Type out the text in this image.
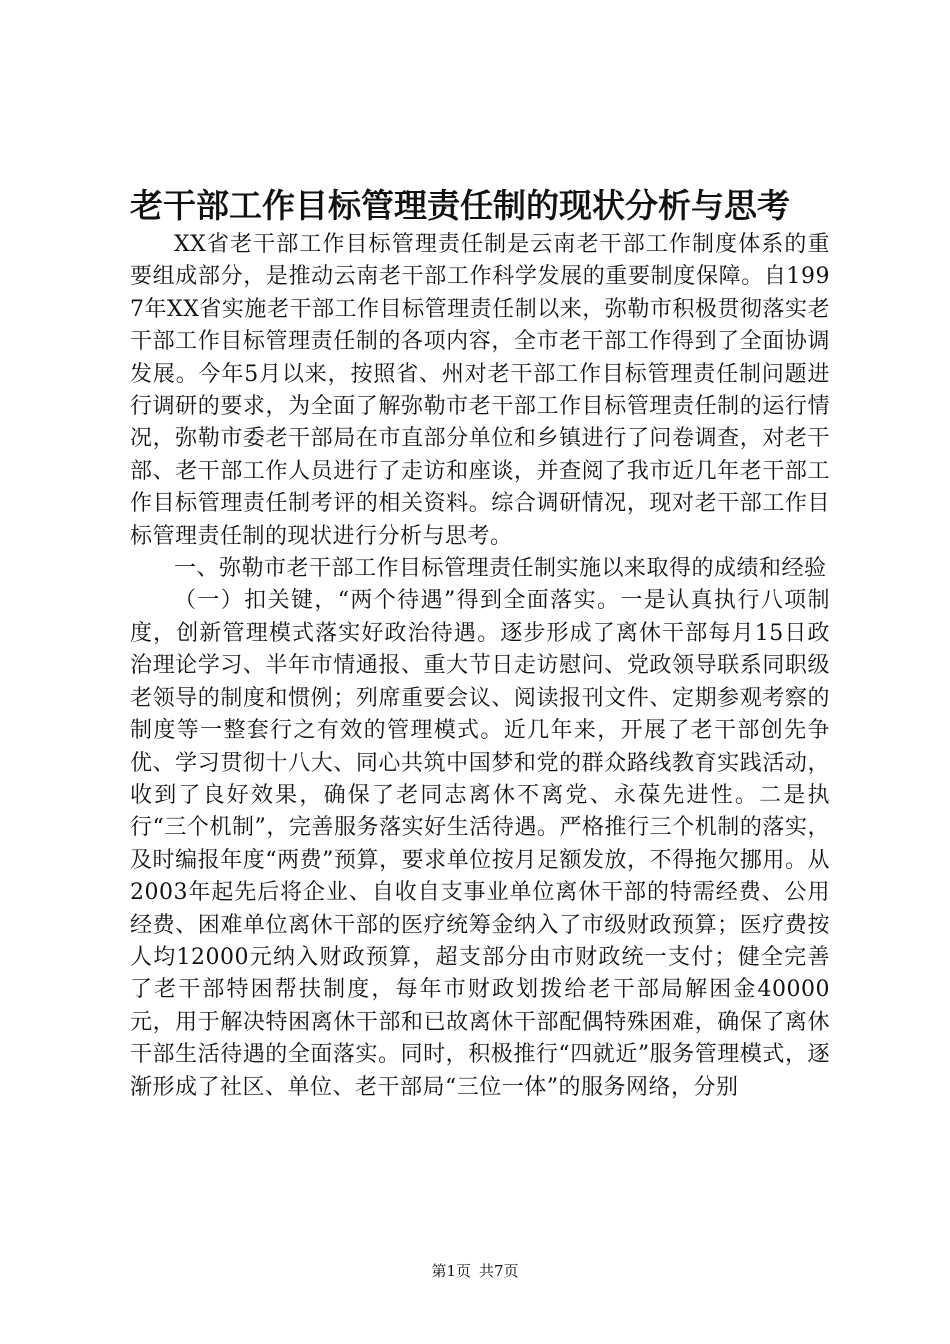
老干部工作目标管理责任制的现状分析与思考

XX省老干部工作目标管理责任制是云南老干部工作制度体系的重要组成部分，是推动云南老干部工作科学发展的重要制度保障。自1997年XX省实施老干部工作目标管理责任制以来，弥勒市积极贯彻落实老干部工作目标管理责任制的各项内容，全市老干部工作得到了全面协调发展。今年5月以来，按照省、州对老干部工作目标管理责任制问题进行调研的要求，为全面了解弥勒市老干部工作目标管理责任制的运行情况，弥勒市委老干部局在市直部分单位和乡镇进行了问卷调查，对老干部、老干部工作人员进行了走访和座谈，并查阅了我市近几年老干部工作目标管理责任制考评的相关资料。综合调研情况，现对老干部工作目标管理责任制的现状进行分析与思考。

一、弥勒市老干部工作目标管理责任制实施以来取得的成绩和经验

（一）扣关键，“两个待遇”得到全面落实。一是认真执行八项制度，创新管理模式落实好政治待遇。逐步形成了离休干部每月15日政治理论学习、半年市情通报、重大节日走访慰问、党政领导联系同职级老领导的制度和惯例；列席重要会议、阅读报刊文件、定期参观考察的制度等一整套行之有效的管理模式。近几年来，开展了老干部创先争优、学习贯彻十八大、同心共筑中国梦和党的群众路线教育实践活动，收到了良好效果，确保了老同志离休不离党、永葆先进性。二是执行“三个机制”，完善服务落实好生活待遇。严格推行三个机制的落实，及时编报年度“两费”预算，要求单位按月足额发放，不得拖欠挪用。从2003年起先后将企业、自收自支事业单位离休干部的特需经费、公用经费、困难单位离休干部的医疗统筹金纳入了市级财政预算；医疗费按人均12000元纳入财政预算，超支部分由市财政统一支付；健全完善了老干部特困帮扶制度，每年市财政划拨给老干部局解困金40000元，用于解决特困离休干部和已故离休干部配偶特殊困难，确保了离休干部生活待遇的全面落实。同时，积极推行“四就近”服务管理模式，逐渐形成了社区、单位、老干部局“三位一体”的服务网络，分别

第1页 共7页
